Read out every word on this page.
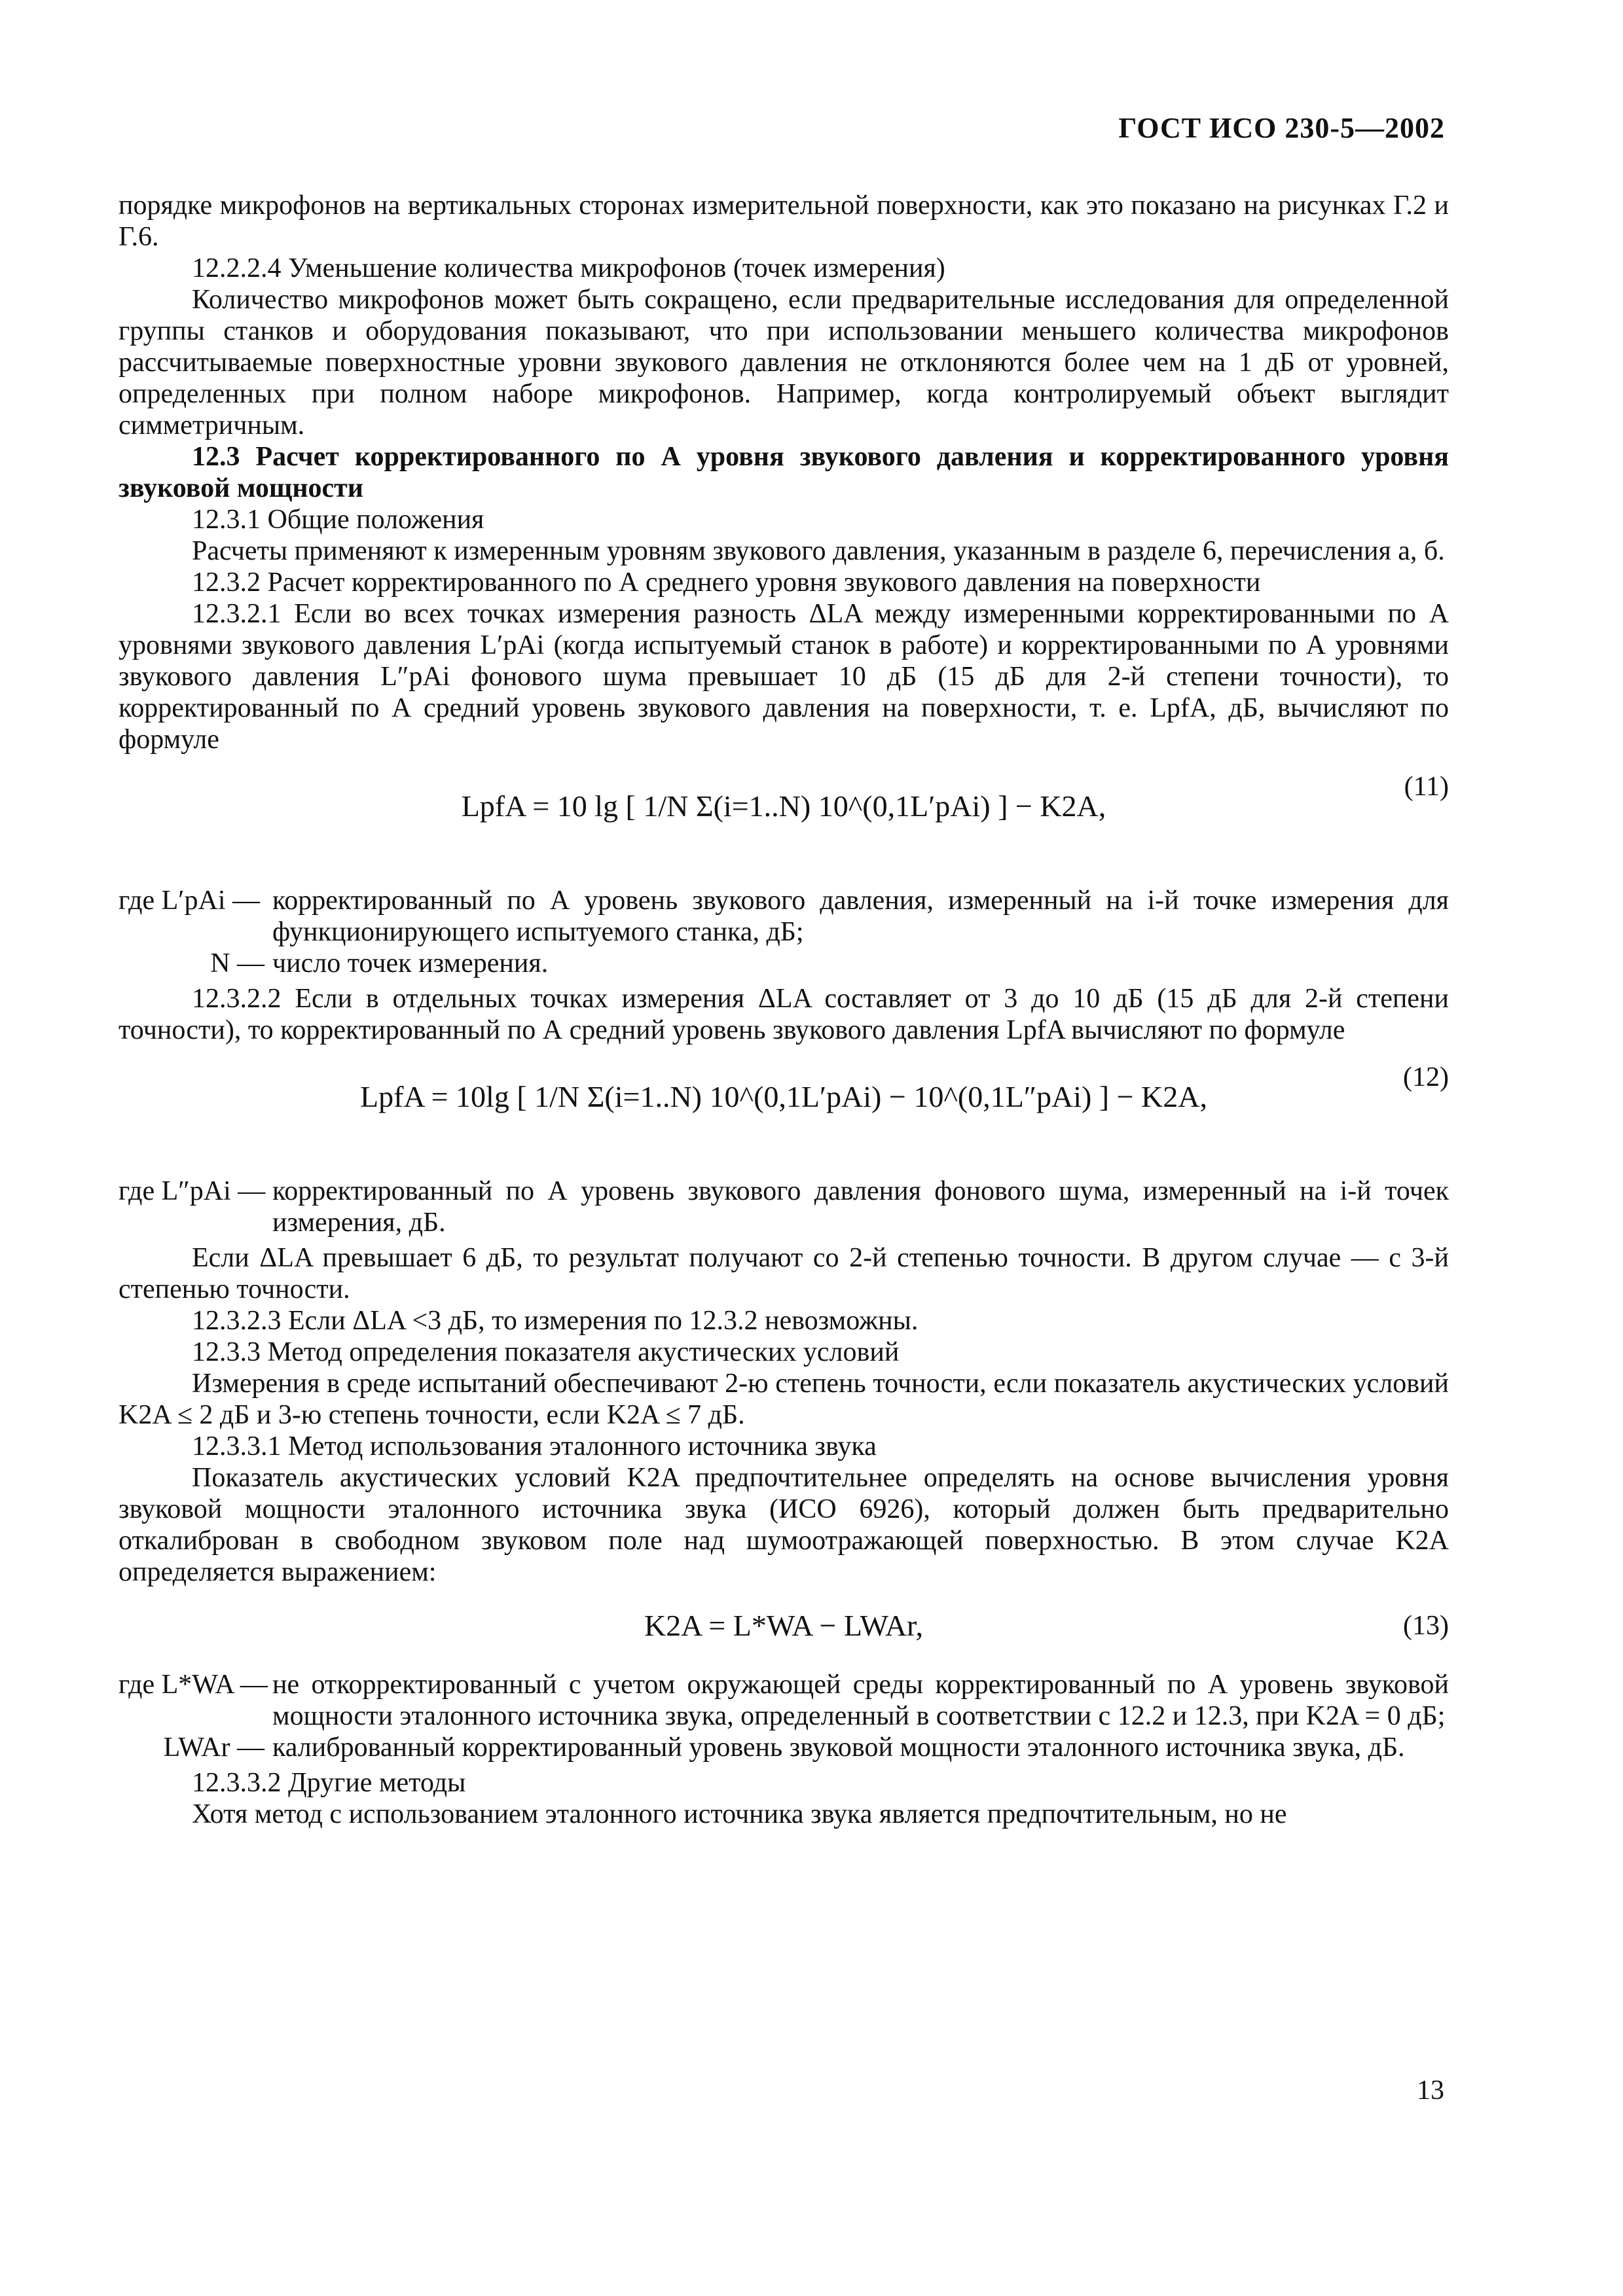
ГОСТ ИСО 230-5—2002

порядке микрофонов на вертикальных сторонах измерительной поверхности, как это показано на рисунках Г.2 и Г.6.

12.2.2.4 Уменьшение количества микрофонов (точек измерения)

Количество микрофонов может быть сокращено, если предварительные исследования для определенной группы станков и оборудования показывают, что при использовании меньшего количества микрофонов рассчитываемые поверхностные уровни звукового давления не отклоняются более чем на 1 дБ от уровней, определенных при полном наборе микрофонов. Например, когда контролируемый объект выглядит симметричным.

12.3 Расчет корректированного по А уровня звукового давления и корректированного уровня звуковой мощности

12.3.1 Общие положения

Расчеты применяют к измеренным уровням звукового давления, указанным в разделе 6, перечисления а, б.

12.3.2 Расчет корректированного по А среднего уровня звукового давления на поверхности

12.3.2.1 Если во всех точках измерения разность ΔLA между измеренными корректированными по А уровнями звукового давления L′pAi (когда испытуемый станок в работе) и корректированными по А уровнями звукового давления L″pAi фонового шума превышает 10 дБ (15 дБ для 2-й степени точности), то корректированный по А средний уровень звукового давления на поверхности, т. е. LpfA, дБ, вычисляют по формуле

LpfA = 10 lg [ 1/N Σ(i=1..N) 10^(0,1L′pAi) ] − K2A,
(11)
где L′pAi — корректированный по А уровень звукового давления, измеренный на i-й точке измерения для функционирующего испытуемого станка, дБ;
N — число точек измерения.

12.3.2.2 Если в отдельных точках измерения ΔLA составляет от 3 до 10 дБ (15 дБ для 2-й степени точности), то корректированный по А средний уровень звукового давления LpfA вычисляют по формуле

LpfA = 10lg [ 1/N Σ(i=1..N) 10^(0,1L′pAi) − 10^(0,1L″pAi) ] − K2A,
(12)
где L″pAi — корректированный по А уровень звукового давления фонового шума, измеренный на i-й точек измерения, дБ.

Если ΔLA превышает 6 дБ, то результат получают со 2-й степенью точности. В другом случае — с 3-й степенью точности.

12.3.2.3 Если ΔLA <3 дБ, то измерения по 12.3.2 невозможны.

12.3.3 Метод определения показателя акустических условий

Измерения в среде испытаний обеспечивают 2-ю степень точности, если показатель акустических условий K2A ≤ 2 дБ и 3-ю степень точности, если K2A ≤ 7 дБ.

12.3.3.1 Метод использования эталонного источника звука

Показатель акустических условий K2A предпочтительнее определять на основе вычисления уровня звуковой мощности эталонного источника звука (ИСО 6926), который должен быть предварительно откалиброван в свободном звуковом поле над шумоотражающей поверхностью. В этом случае K2A определяется выражением:

K2A = L*WA − LWAr,	(13)
где L*WA — не откорректированный с учетом окружающей среды корректированный по А уровень звуковой мощности эталонного источника звука, определенный в соответствии с 12.2 и 12.3, при K2A = 0 дБ;
LWAr — калиброванный корректированный уровень звуковой мощности эталонного источника звука, дБ.

12.3.3.2 Другие методы

Хотя метод с использованием эталонного источника звука является предпочтительным, но не

13
